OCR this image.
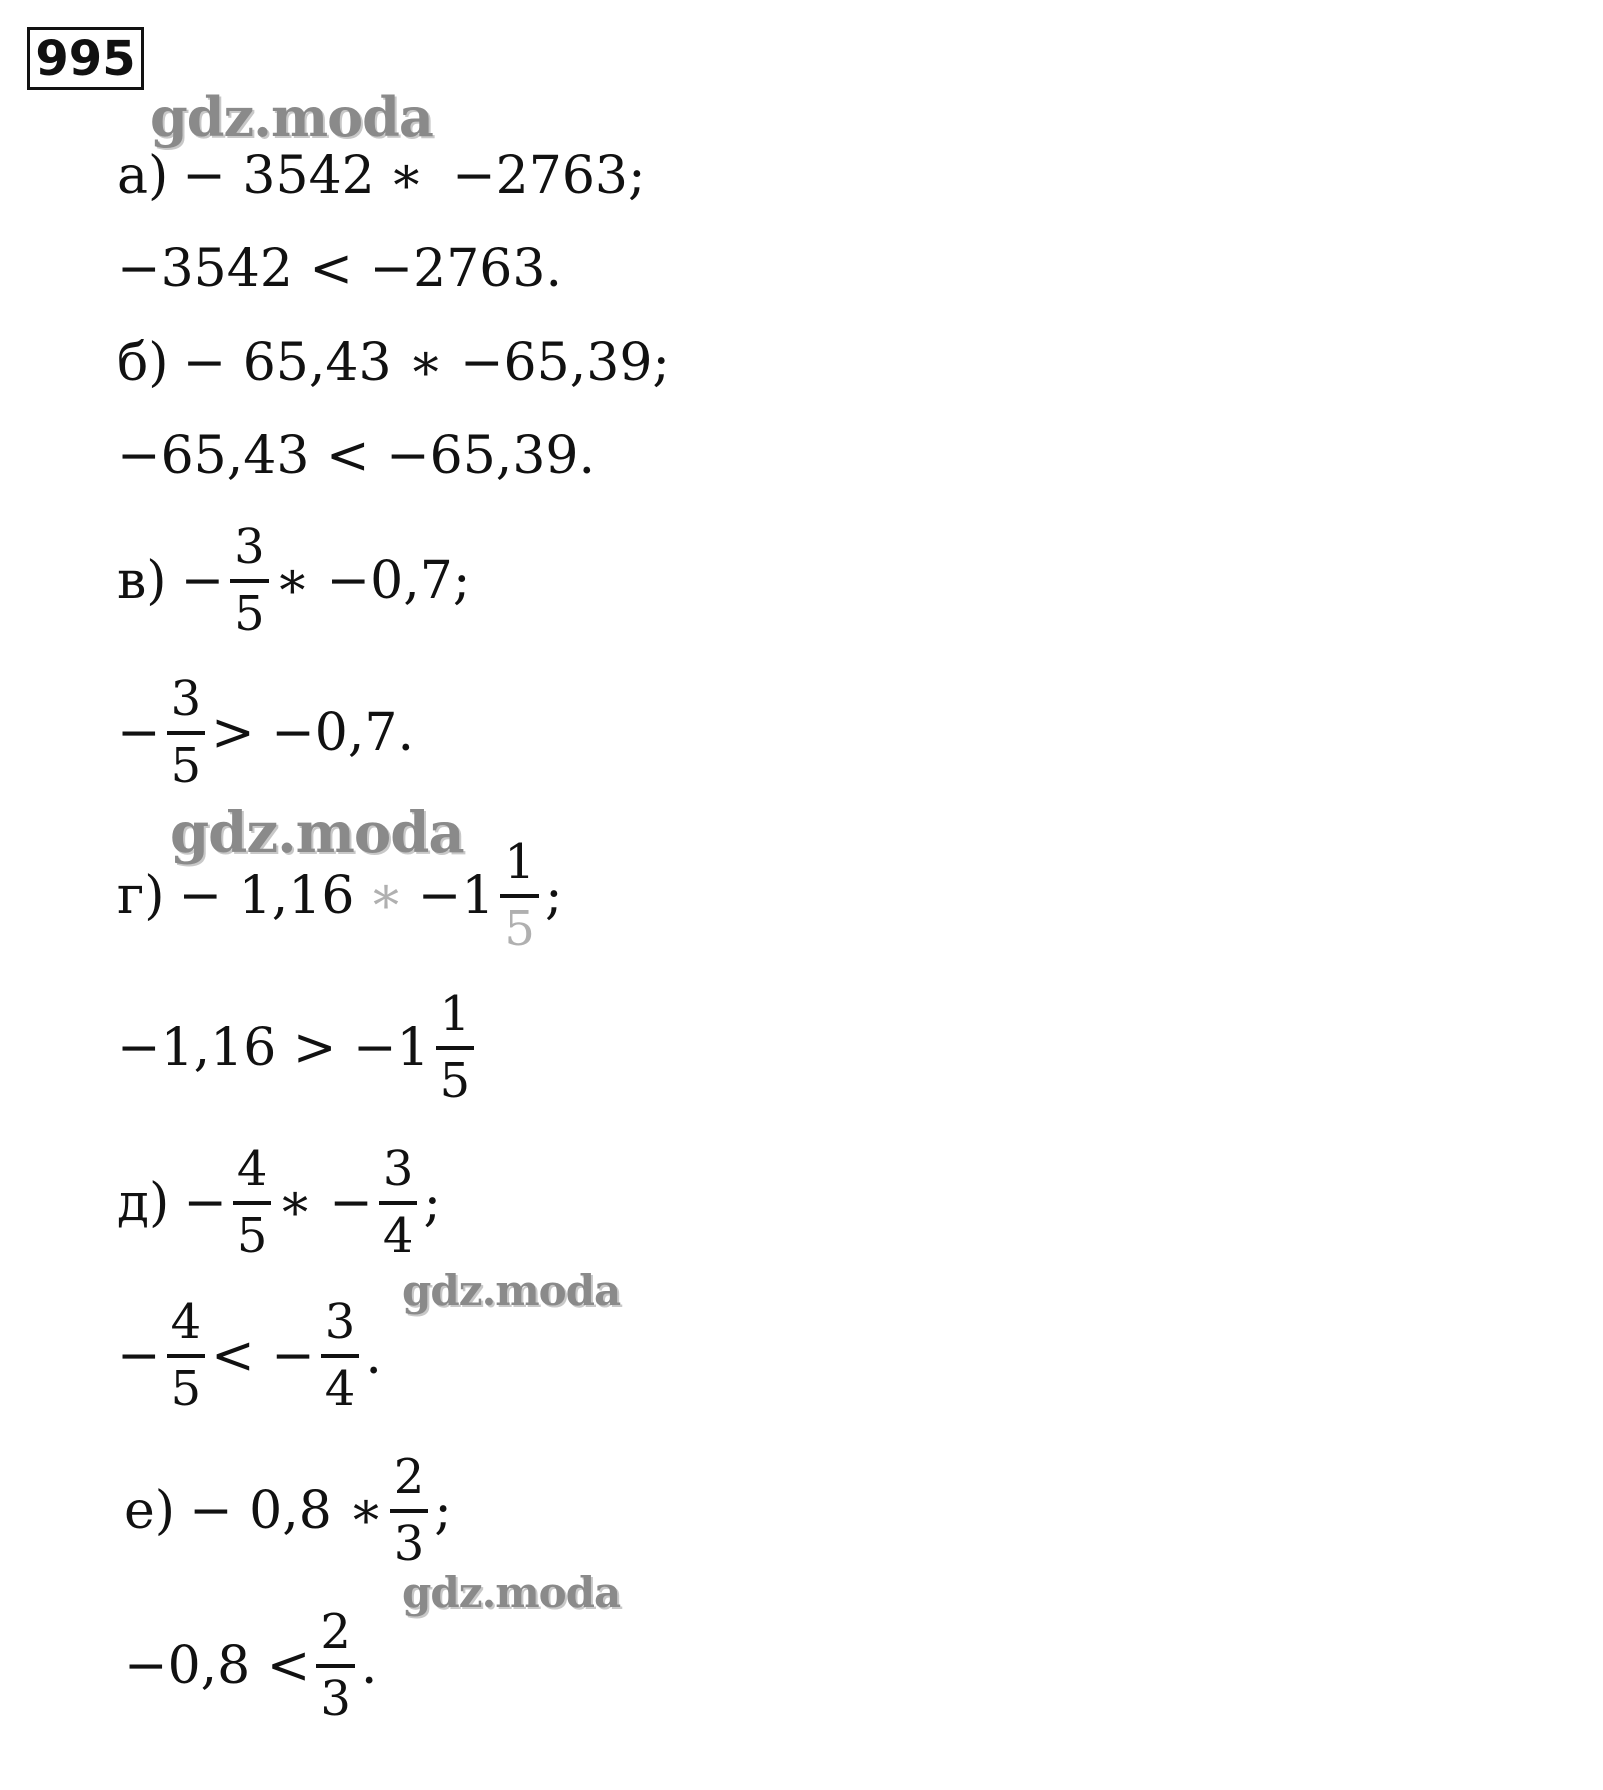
995
gdz.moda
gdz.moda
gdz.moda
gdz.moda
а) − 3542 ∗ −2763;
−3542 < −2763.
б) − 65,43 ∗ −65,39;
−65,43 < −65,39.
$в) - \frac{3}{5}$ ∗ −0,7;
− $\frac{3}{5} > -0,7$.
г) − 1,16 ∗ $-1 \frac{1}{5}$ ;
$-1,16 > -1 \frac{1}{5}$
$д) - \frac{4}{5}$ ∗ − $\frac{3}{4}$ ;
− $\frac{4}{5}$ < − $\frac{3}{4}$ .
е) − 0,8 ∗ $\frac{2}{3}$ ;
$-0,8 < \frac{2}{3}$ .
